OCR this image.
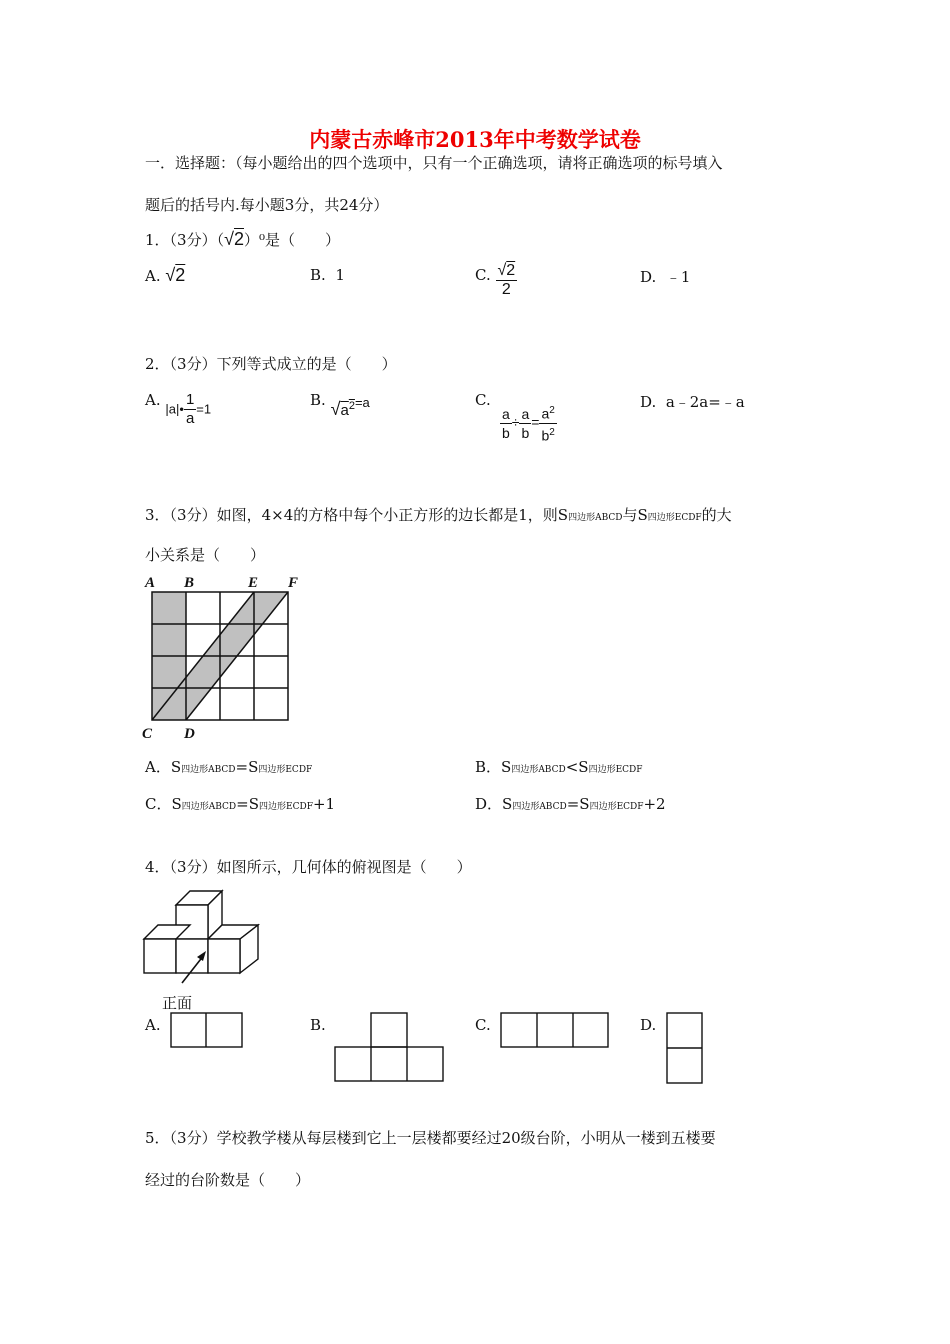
内蒙古赤峰市2013年中考数学试卷
一．选择题：（每小题给出的四个选项中，只有一个正确选项，请将正确选项的标号填入
题后的括号内.每小题3分，共24分）
1．（3分）（√2）⁰是（　　）
A. √2	B. 1	C. $\frac{√2}{2}$	D. ﹣1
2．（3分）下列等式成立的是（　　）
A. |a|• $\frac{1}{a} =1$	B. $√a^2=a$	C.
$\frac{a}{b} \div \frac{a}{b} = \frac{a^2}{b^2}$	D. a﹣2a=﹣a
3．（3分）如图，4×4的方格中每个小正方形的边长都是1，则S四边形ABCD与S四边形ECDF的大
小关系是（　　）
A B	E F
C D
A．S四边形ABCD=S四边形ECDF	B．S四边形ABCD<S四边形ECDF
C．S四边形ABCD=S四边形ECDF+1	D．S四边形ABCD=S四边形ECDF+2
4．（3分）如图所示，几何体的俯视图是（　　）
正面
A.	B.	C.	D.
5．（3分）学校教学楼从每层楼到它上一层楼都要经过20级台阶，小明从一楼到五楼要
经过的台阶数是（　　）
